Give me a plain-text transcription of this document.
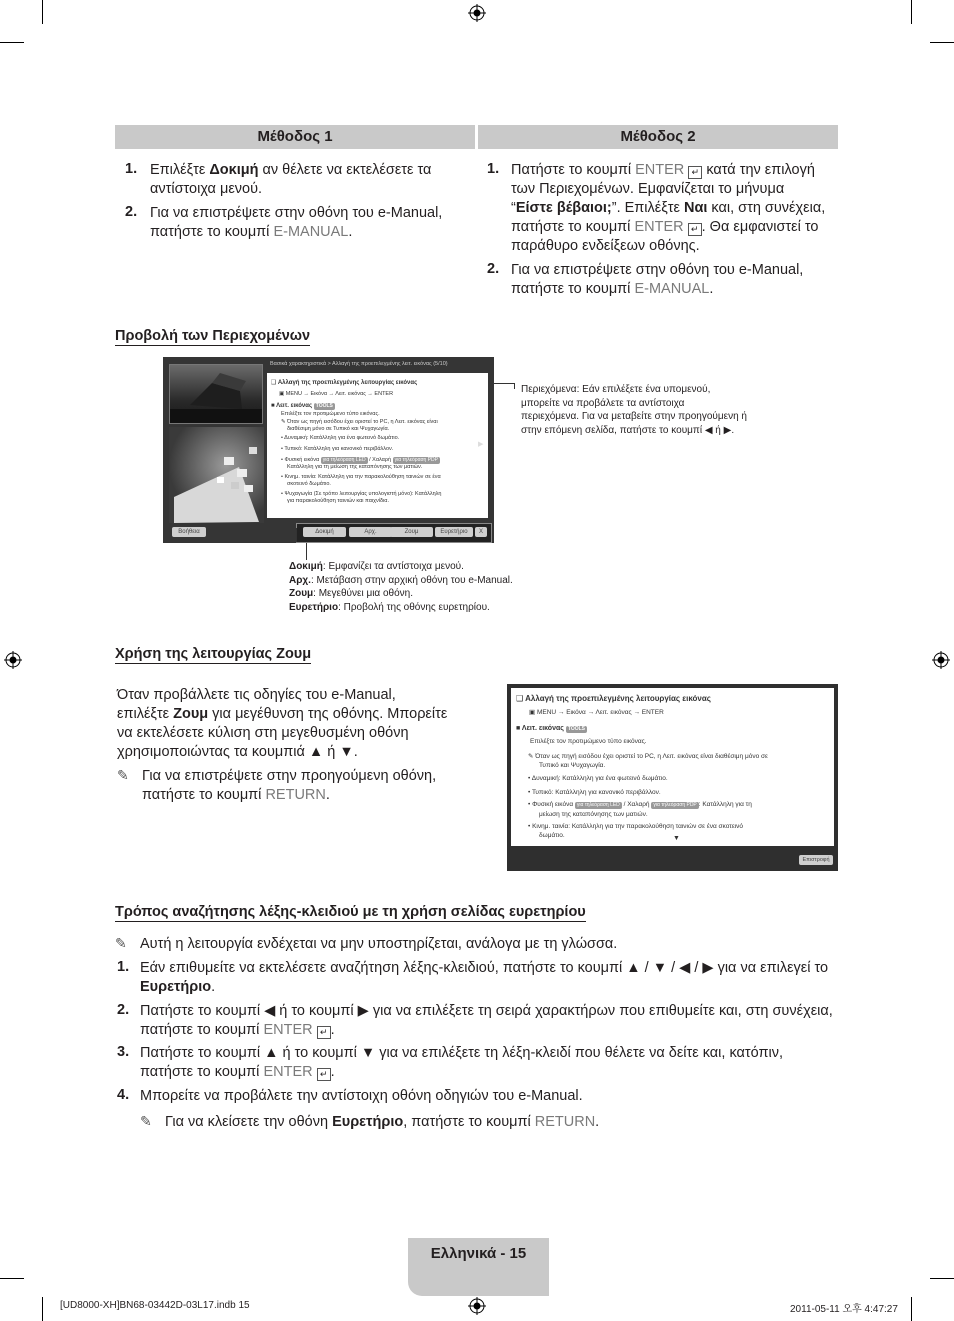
Μέθοδος 1	Μέθοδος 2
1. Επιλέξτε Δοκιμή αν θέλετε να εκτελέσετε τα
αντίστοιχα μενού.
2. Για να επιστρέψετε στην οθόνη του e-Manual,
πατήστε το κουμπί E-MANUAL.
1. Πατήστε το κουμπί ENTER ↵ κατά την επιλογή
των Περιεχομένων. Εμφανίζεται το μήνυμα
“Είστε βέβαιοι;”. Επιλέξτε Ναι και, στη συνέχεια,
πατήστε το κουμπί ENTER ↵ . Θα εμφανιστεί το
παράθυρο ενδείξεων οθόνης.
2. Για να επιστρέψετε στην οθόνη του e-Manual,
πατήστε το κουμπί E-MANUAL.
Προβολή των Περιεχομένων
Βασικά χαρακτηριστικά > Αλλαγή της προεπιλεγμένης λειτ. εικόνας (5/10)
❑ Αλλαγή της προεπιλεγμένης λειτουργίας εικόνας
▣ MENU → Εικόνα → Λειτ. εικόνας → ENTER
■ Λειτ. εικόνας TOOLS
Επιλέξτε τον προτιμώμενο τύπο εικόνας.
✎ Όταν ως πηγή εισόδου έχει οριστεί το PC, η Λειτ. εικόνας είναι
διαθέσιμη μόνο σε Τυπικό και Ψυχαγωγία.
• Δυναμική: Κατάλληλη για ένα φωτεινό δωμάτιο.
• Τυπικό: Κατάλληλη για κανονικό περιβάλλον.
• Φυσική εικόνα για τηλεόραση LED / Χαλαρή για τηλεόραση PDP
Κατάλληλη για τη μείωση της καταπόνησης των ματιών.
• Κινημ. ταινία: Κατάλληλη για την παρακολούθηση ταινιών σε ένα
σκοτεινό δωμάτιο.
• Ψυχαγωγία (Σε τρόπο λειτουργίας υπολογιστή μόνο): Κατάλληλη
για παρακολούθηση ταινιών και παιχνίδια.
▶
Βοήθεια	Δοκιμή	Αρχ.	Ζουμ	Ευρετήριο	X
Περιεχόμενα: Εάν επιλέξετε ένα υπομενού,
μπορείτε να προβάλετε τα αντίστοιχα
περιεχόμενα. Για να μεταβείτε στην προηγούμενη ή
στην επόμενη σελίδα, πατήστε το κουμπί ◀ ή ▶.
Δοκιμή: Εμφανίζει τα αντίστοιχα μενού.
Αρχ.: Μετάβαση στην αρχική οθόνη του e-Manual.
Ζουμ: Μεγεθύνει μια οθόνη.
Ευρετήριο: Προβολή της οθόνης ευρετηρίου.
Χρήση της λειτουργίας Ζουμ
Όταν προβάλλετε τις οδηγίες του e-Manual,
επιλέξτε Ζουμ για μεγέθυνση της οθόνης. Μπορείτε
να εκτελέσετε κύλιση στη μεγεθυσμένη οθόνη
χρησιμοποιώντας τα κουμπιά ▲ ή ▼.
✎ Για να επιστρέψετε στην προηγούμενη οθόνη,
πατήστε το κουμπί RETURN.
❑ Αλλαγή της προεπιλεγμένης λειτουργίας εικόνας
▣ MENU → Εικόνα → Λειτ. εικόνας → ENTER
■ Λειτ. εικόνας TOOLS
Επιλέξτε τον προτιμώμενο τύπο εικόνας.
✎ Όταν ως πηγή εισόδου έχει οριστεί το PC, η Λειτ. εικόνας είναι διαθέσιμη μόνο σε
Τυπικό και Ψυχαγωγία.
• Δυναμική: Κατάλληλη για ένα φωτεινό δωμάτιο.
• Τυπικό: Κατάλληλη για κανονικό περιβάλλον.
• Φυσική εικόνα για τηλεόραση LED / Χαλαρή για τηλεόραση PDP : Κατάλληλη για τη
μείωση της καταπόνησης των ματιών.
• Κινημ. ταινία: Κατάλληλη για την παρακολούθηση ταινιών σε ένα σκοτεινό
δωμάτιο.	▼
Επιστροφή
Τρόπος αναζήτησης λέξης-κλειδιού με τη χρήση σελίδας ευρετηρίου
✎ Αυτή η λειτουργία ενδέχεται να μην υποστηρίζεται, ανάλογα με τη γλώσσα.
1. Εάν επιθυμείτε να εκτελέσετε αναζήτηση λέξης-κλειδιού, πατήστε το κουμπί ▲ / ▼ / ◀ / ▶ για να επιλεγεί το
Ευρετήριο.
2. Πατήστε το κουμπί ◀ ή το κουμπί ▶ για να επιλέξετε τη σειρά χαρακτήρων που επιθυμείτε και, στη συνέχεια,
πατήστε το κουμπί ENTER ↵ .
3. Πατήστε το κουμπί ▲ ή το κουμπί ▼ για να επιλέξετε τη λέξη-κλειδί που θέλετε να δείτε και, κατόπιν,
πατήστε το κουμπί ENTER ↵ .
4. Μπορείτε να προβάλετε την αντίστοιχη οθόνη οδηγιών του e-Manual.
✎ Για να κλείσετε την οθόνη Ευρετήριο, πατήστε το κουμπί RETURN.
Ελληνικά - 15
[UD8000-XH]BN68-03442D-03L17.indb 15	2011-05-11 오후 4:47:27
